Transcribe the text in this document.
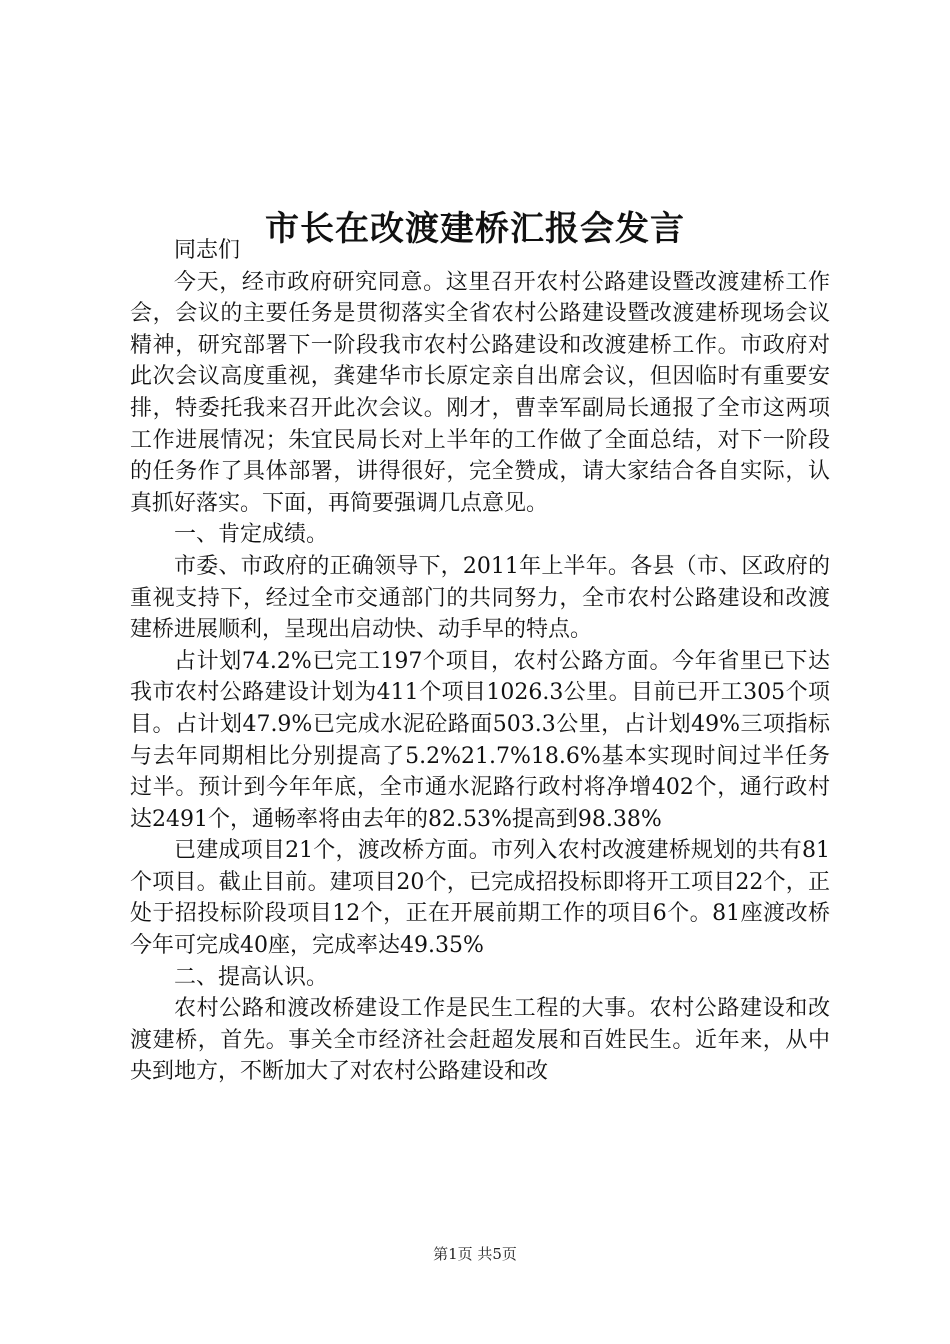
市长在改渡建桥汇报会发言

同志们

今天，经市政府研究同意。这里召开农村公路建设暨改渡建桥工作会，会议的主要任务是贯彻落实全省农村公路建设暨改渡建桥现场会议精神，研究部署下一阶段我市农村公路建设和改渡建桥工作。市政府对此次会议高度重视，龚建华市长原定亲自出席会议，但因临时有重要安排，特委托我来召开此次会议。刚才，曹幸军副局长通报了全市这两项工作进展情况；朱宜民局长对上半年的工作做了全面总结，对下一阶段的任务作了具体部署，讲得很好，完全赞成，请大家结合各自实际，认真抓好落实。下面，再简要强调几点意见。

一、肯定成绩。

市委、市政府的正确领导下，2011年上半年。各县（市、区政府的重视支持下，经过全市交通部门的共同努力，全市农村公路建设和改渡建桥进展顺利，呈现出启动快、动手早的特点。

占计划74.2%已完工197个项目，农村公路方面。今年省里已下达我市农村公路建设计划为411个项目1026.3公里。目前已开工305个项目。占计划47.9%已完成水泥砼路面503.3公里，占计划49%三项指标与去年同期相比分别提高了5.2%21.7%18.6%基本实现时间过半任务过半。预计到今年年底，全市通水泥路行政村将净增402个，通行政村达2491个，通畅率将由去年的82.53%提高到98.38%

已建成项目21个，渡改桥方面。市列入农村改渡建桥规划的共有81个项目。截止目前。建项目20个，已完成招投标即将开工项目22个，正处于招投标阶段项目12个，正在开展前期工作的项目6个。81座渡改桥今年可完成40座，完成率达49.35%

二、提高认识。

农村公路和渡改桥建设工作是民生工程的大事。农村公路建设和改渡建桥，首先。事关全市经济社会赶超发展和百姓民生。近年来，从中央到地方，不断加大了对农村公路建设和改

第1页 共5页
